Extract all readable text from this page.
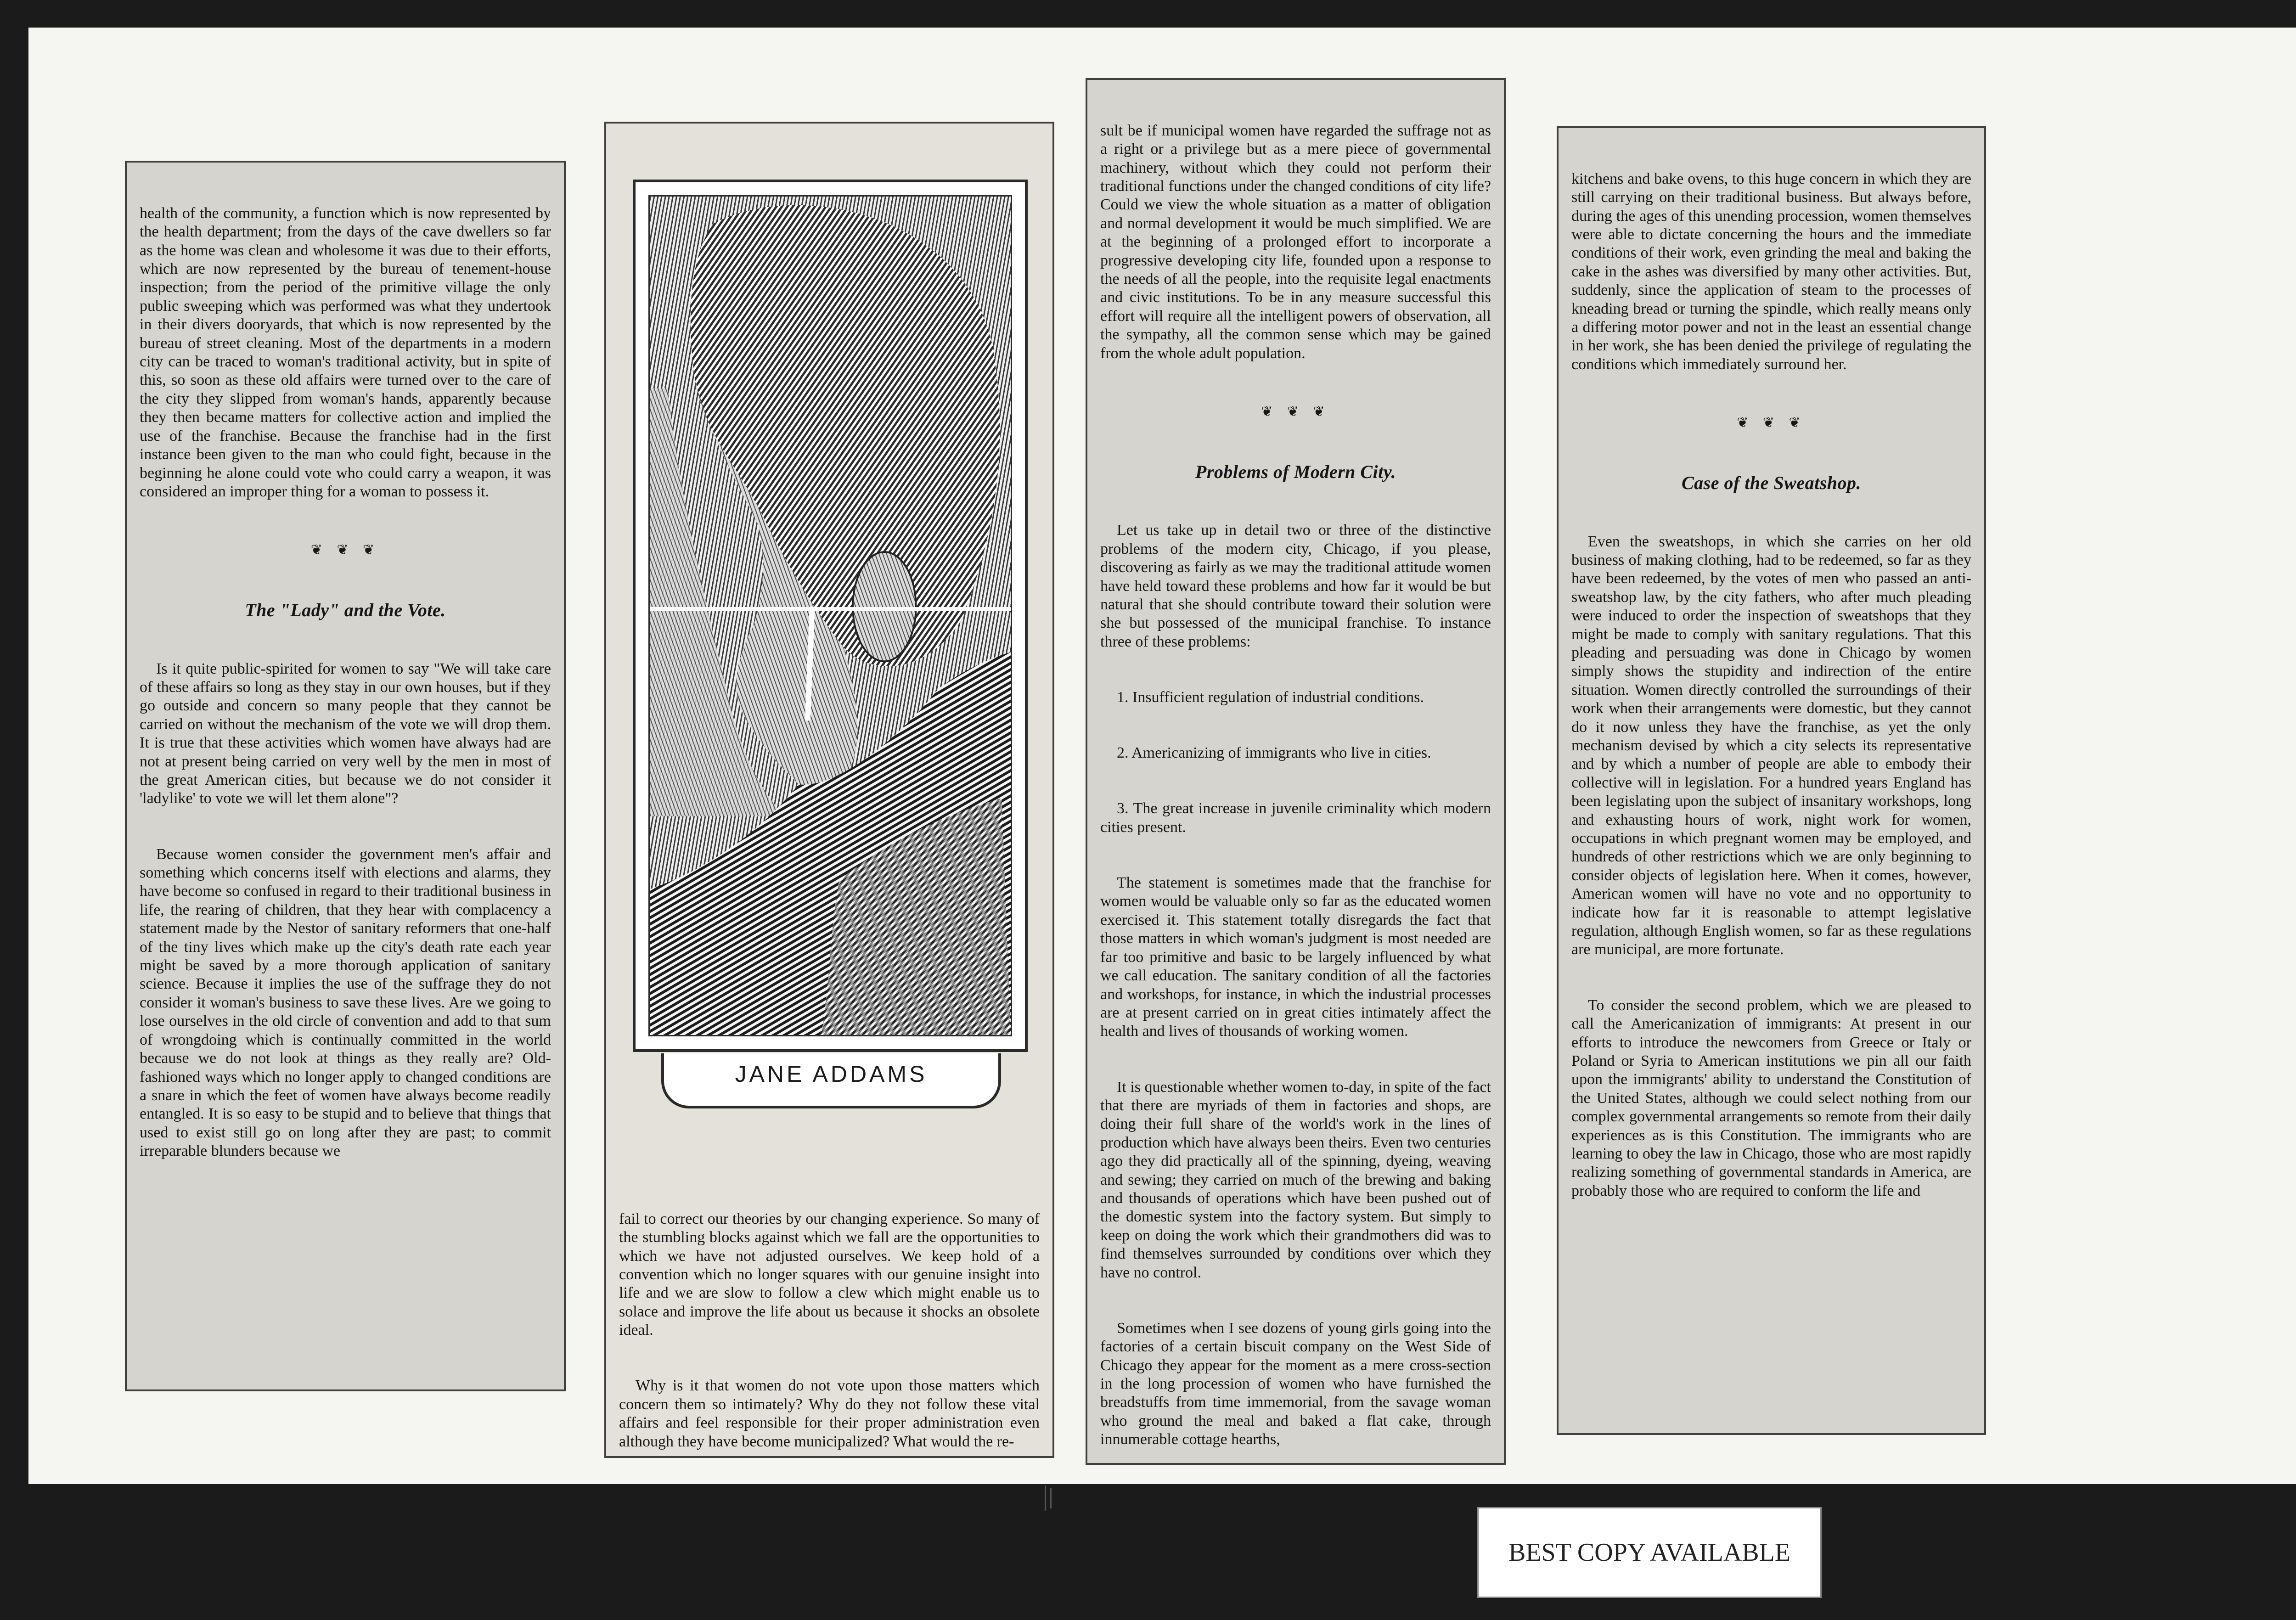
health of the community, a function which is now represented by the health department; from the days of the cave dwellers so far as the home was clean and wholesome it was due to their efforts, which are now represented by the bureau of tenement-house inspection; from the period of the primitive village the only public sweeping which was performed was what they undertook in their divers dooryards, that which is now represented by the bureau of street cleaning. Most of the departments in a modern city can be traced to woman's traditional activity, but in spite of this, so soon as these old affairs were turned over to the care of the city they slipped from woman's hands, apparently because they then became matters for collective action and implied the use of the franchise. Because the franchise had in the first instance been given to the man who could fight, because in the beginning he alone could vote who could carry a weapon, it was considered an improper thing for a woman to possess it.

❦ ❦ ❦

The "Lady" and the Vote.

Is it quite public-spirited for women to say "We will take care of these affairs so long as they stay in our own houses, but if they go outside and concern so many people that they cannot be carried on without the mechanism of the vote we will drop them. It is true that these activities which women have always had are not at present being carried on very well by the men in most of the great American cities, but because we do not consider it 'ladylike' to vote we will let them alone"?

Because women consider the government men's affair and something which concerns itself with elections and alarms, they have become so confused in regard to their traditional business in life, the rearing of children, that they hear with complacency a statement made by the Nestor of sanitary reformers that one-half of the tiny lives which make up the city's death rate each year might be saved by a more thorough application of sanitary science. Because it implies the use of the suffrage they do not consider it woman's business to save these lives. Are we going to lose ourselves in the old circle of convention and add to that sum of wrongdoing which is continually committed in the world because we do not look at things as they really are? Old-fashioned ways which no longer apply to changed conditions are a snare in which the feet of women have always become readily entangled. It is so easy to be stupid and to believe that things that used to exist still go on long after they are past; to commit irreparable blunders because we

JANE ADDAMS

fail to correct our theories by our changing experience. So many of the stumbling blocks against which we fall are the opportunities to which we have not adjusted ourselves. We keep hold of a convention which no longer squares with our genuine insight into life and we are slow to follow a clew which might enable us to solace and improve the life about us because it shocks an obsolete ideal.

Why is it that women do not vote upon those matters which concern them so intimately? Why do they not follow these vital affairs and feel responsible for their proper administration even although they have become municipalized? What would the re-

sult be if municipal women have regarded the suffrage not as a right or a privilege but as a mere piece of governmental machinery, without which they could not perform their traditional functions under the changed conditions of city life? Could we view the whole situation as a matter of obligation and normal development it would be much simplified. We are at the beginning of a prolonged effort to incorporate a progressive developing city life, founded upon a response to the needs of all the people, into the requisite legal enactments and civic institutions. To be in any measure successful this effort will require all the intelligent powers of observation, all the sympathy, all the common sense which may be gained from the whole adult population.

❦ ❦ ❦

Problems of Modern City.

Let us take up in detail two or three of the distinctive problems of the modern city, Chicago, if you please, discovering as fairly as we may the traditional attitude women have held toward these problems and how far it would be but natural that she should contribute toward their solution were she but possessed of the municipal franchise. To instance three of these problems:

1. Insufficient regulation of industrial conditions.

2. Americanizing of immigrants who live in cities.

3. The great increase in juvenile criminality which modern cities present.

The statement is sometimes made that the franchise for women would be valuable only so far as the educated women exercised it. This statement totally disregards the fact that those matters in which woman's judgment is most needed are far too primitive and basic to be largely influenced by what we call education. The sanitary condition of all the factories and workshops, for instance, in which the industrial processes are at present carried on in great cities intimately affect the health and lives of thousands of working women.

It is questionable whether women to-day, in spite of the fact that there are myriads of them in factories and shops, are doing their full share of the world's work in the lines of production which have always been theirs. Even two centuries ago they did practically all of the spinning, dyeing, weaving and sewing; they carried on much of the brewing and baking and thousands of operations which have been pushed out of the domestic system into the factory system. But simply to keep on doing the work which their grandmothers did was to find themselves surrounded by conditions over which they have no control.

Sometimes when I see dozens of young girls going into the factories of a certain biscuit company on the West Side of Chicago they appear for the moment as a mere cross-section in the long procession of women who have furnished the breadstuffs from time immemorial, from the savage woman who ground the meal and baked a flat cake, through innumerable cottage hearths,

kitchens and bake ovens, to this huge concern in which they are still carrying on their traditional business. But always before, during the ages of this unending procession, women themselves were able to dictate concerning the hours and the immediate conditions of their work, even grinding the meal and baking the cake in the ashes was diversified by many other activities. But, suddenly, since the application of steam to the processes of kneading bread or turning the spindle, which really means only a differing motor power and not in the least an essential change in her work, she has been denied the privilege of regulating the conditions which immediately surround her.

❦ ❦ ❦

Case of the Sweatshop.

Even the sweatshops, in which she carries on her old business of making clothing, had to be redeemed, so far as they have been redeemed, by the votes of men who passed an anti-sweatshop law, by the city fathers, who after much pleading were induced to order the inspection of sweatshops that they might be made to comply with sanitary regulations. That this pleading and persuading was done in Chicago by women simply shows the stupidity and indirection of the entire situation. Women directly controlled the surroundings of their work when their arrangements were domestic, but they cannot do it now unless they have the franchise, as yet the only mechanism devised by which a city selects its representative and by which a number of people are able to embody their collective will in legislation. For a hundred years England has been legislating upon the subject of insanitary workshops, long and exhausting hours of work, night work for women, occupations in which pregnant women may be employed, and hundreds of other restrictions which we are only beginning to consider objects of legislation here. When it comes, however, American women will have no vote and no opportunity to indicate how far it is reasonable to attempt legislative regulation, although English women, so far as these regulations are municipal, are more fortunate.

To consider the second problem, which we are pleased to call the Americanization of immigrants: At present in our efforts to introduce the newcomers from Greece or Italy or Poland or Syria to American institutions we pin all our faith upon the immigrants' ability to understand the Constitution of the United States, although we could select nothing from our complex governmental arrangements so remote from their daily experiences as is this Constitution. The immigrants who are learning to obey the law in Chicago, those who are most rapidly realizing something of governmental standards in America, are probably those who are required to conform the life and

BEST COPY AVAILABLE
